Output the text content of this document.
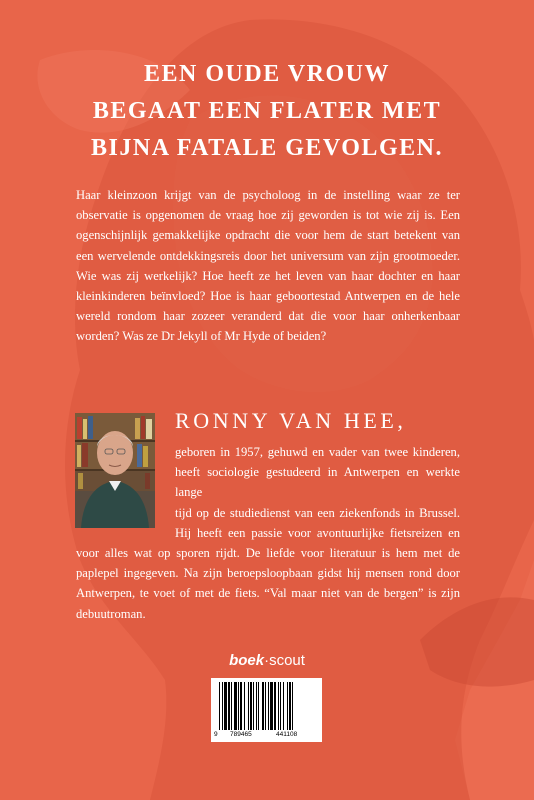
EEN OUDE VROUW
BEGAAT EEN FLATER MET
BIJNA FATALE GEVOLGEN.
Haar kleinzoon krijgt van de psycholoog in de instelling waar ze ter observatie is opgenomen de vraag hoe zij geworden is tot wie zij is. Een ogenschijnlijk gemakkelijke opdracht die voor hem de start betekent van een wervelende ontdekkingsreis door het universum van zijn grootmoeder. Wie was zij werkelijk? Hoe heeft ze het leven van haar dochter en haar kleinkinderen beïnvloed? Hoe is haar geboortestad Antwerpen en de hele wereld rondom haar zozeer veranderd dat die voor haar onherkenbaar worden? Was ze Dr Jekyll of Mr Hyde of beiden?
RONNY VAN HEE,
geboren in 1957, gehuwd en vader van twee kinderen,
heeft sociologie gestudeerd in Antwerpen en werkte lange
tijd op de studiedienst van een ziekenfonds in Brussel.
Hij heeft een passie voor avontuurlijke fietsreizen en
voor alles wat op sporen rijdt. De liefde voor literatuur is hem met de paplepel ingegeven. Na zijn beroepsloopbaan gidst hij mensen rond door Antwerpen, te voet of met de fiets. “Val maar niet van de bergen” is zijn debuutroman.
boek·scout
9 789465	441108
